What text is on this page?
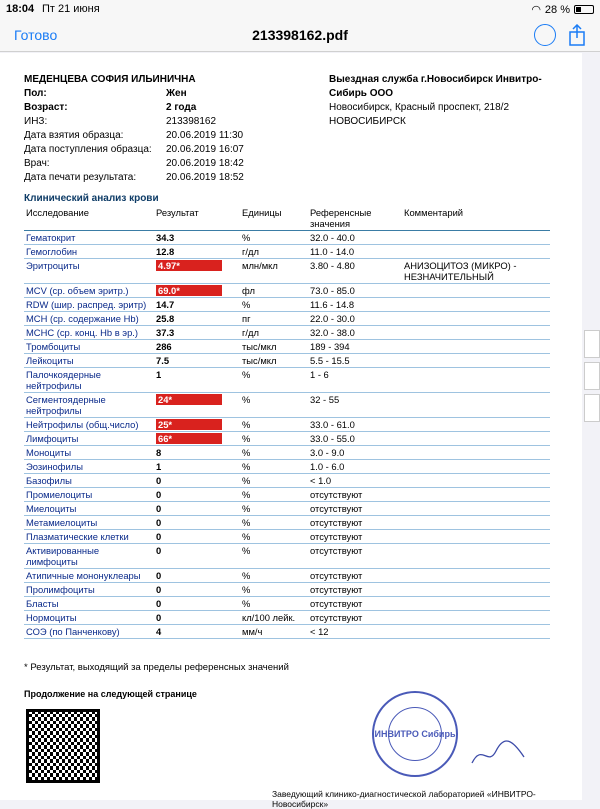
18:04 Пт 21 июня	◠ 28 %
Готово	213398162.pdf
МЕДЕНЦЕВА СОФИЯ ИЛЬИНИЧНА
Пол:	Жен
Возраст:	2 года
ИНЗ:	213398162
Дата взятия образца:	20.06.2019 11:30
Дата поступления образца:	20.06.2019 16:07
Врач:	20.06.2019 18:42
Дата печати результата:	20.06.2019 18:52
Выездная служба г.Новосибирск Инвитро-Сибирь ООО
Новосибирск, Красный проспект, 218/2
НОВОСИБИРСК
Клинический анализ крови
Исследование	Результат	Единицы	Референсные значения	Комментарий
Гематокрит	34.3	%	32.0 - 40.0	
Гемоглобин	12.8	г/дл	11.0 - 14.0	
Эритроциты	4.97*	млн/мкл	3.80 - 4.80	АНИЗОЦИТОЗ (МИКРО) - НЕЗНАЧИТЕЛЬНЫЙ
MCV (ср. объем эритр.)	69.0*	фл	73.0 - 85.0	
RDW (шир. распред. эритр)	14.7	%	11.6 - 14.8	
MCH (ср. содержание Hb)	25.8	пг	22.0 - 30.0	
MCHC (ср. конц. Hb в эр.)	37.3	г/дл	32.0 - 38.0	
Тромбоциты	286	тыс/мкл	189 - 394	
Лейкоциты	7.5	тыс/мкл	5.5 - 15.5	
Палочкоядерные нейтрофилы	1	%	1 - 6	
Сегментоядерные нейтрофилы	24*	%	32 - 55	
Нейтрофилы (общ.число)	25*	%	33.0 - 61.0	
Лимфоциты	66*	%	33.0 - 55.0	
Моноциты	8	%	3.0 - 9.0	
Эозинофилы	1	%	1.0 - 6.0	
Базофилы	0	%	< 1.0	
Промиелоциты	0	%	отсутствуют	
Миелоциты	0	%	отсутствуют	
Метамиелоциты	0	%	отсутствуют	
Плазматические клетки	0	%	отсутствуют	
Активированные лимфоциты	0	%	отсутствуют	
Атипичные мононуклеары	0	%	отсутствуют	
Пролимфоциты	0	%	отсутствуют	
Бласты	0	%	отсутствуют	
Нормоциты	0	кл/100 лейк.	отсутствуют	
СОЭ (по Панченкову)	4	мм/ч	< 12	
* Результат, выходящий за пределы референсных значений
Продолжение на следующей странице
ИНВИТРО Сибирь
Заведующий клинико-диагностической лабораторией «ИНВИТРО-Новосибирск»
